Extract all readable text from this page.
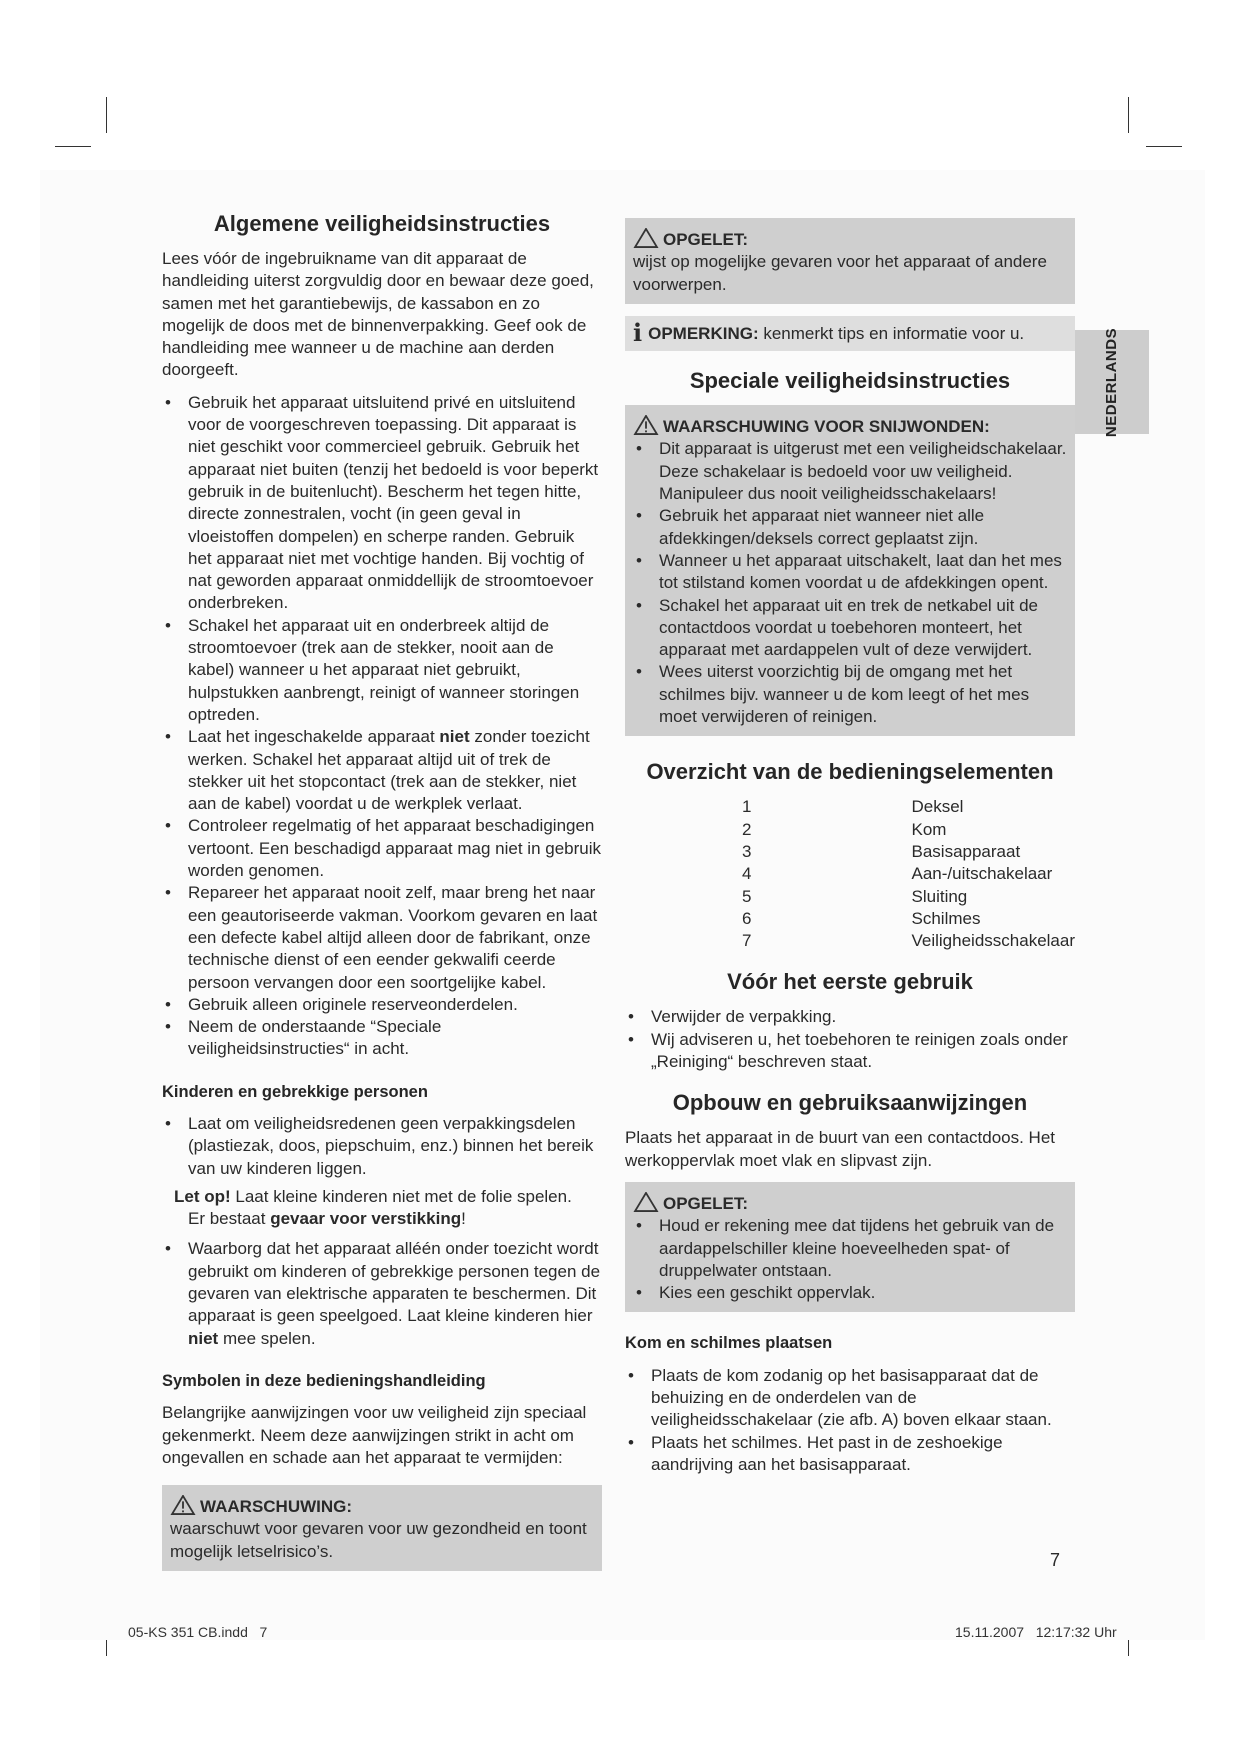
Algemene veiligheidsinstructies

Lees vóór de ingebruikname van dit apparaat de handleiding uiterst zorgvuldig door en bewaar deze goed, samen met het garantiebewijs, de kassabon en zo mogelijk de doos met de binnenverpakking. Geef ook de handleiding mee wanneer u de machine aan derden doorgeeft.

• Gebruik het apparaat uitsluitend privé en uitsluitend voor de voorgeschreven toepassing. Dit apparaat is niet geschikt voor commercieel gebruik. Gebruik het apparaat niet buiten (tenzij het bedoeld is voor beperkt gebruik in de buitenlucht). Bescherm het tegen hitte, directe zonnestralen, vocht (in geen geval in vloeistoffen dompelen) en scherpe randen. Gebruik het apparaat niet met vochtige handen. Bij vochtig of nat geworden apparaat onmiddellijk de stroomtoevoer onderbreken.
• Schakel het apparaat uit en onderbreek altijd de stroomtoevoer (trek aan de stekker, nooit aan de kabel) wanneer u het apparaat niet gebruikt, hulpstukken aanbrengt, reinigt of wanneer storingen optreden.
• Laat het ingeschakelde apparaat niet zonder toezicht werken. Schakel het apparaat altijd uit of trek de stekker uit het stopcontact (trek aan de stekker, niet aan de kabel) voordat u de werkplek verlaat.
• Controleer regelmatig of het apparaat beschadigingen vertoont. Een beschadigd apparaat mag niet in gebruik worden genomen.
• Repareer het apparaat nooit zelf, maar breng het naar een geautoriseerde vakman. Voorkom gevaren en laat een defecte kabel altijd alleen door de fabrikant, onze technische dienst of een eender gekwalifi ceerde persoon vervangen door een soortgelijke kabel.
• Gebruik alleen originele reserveonderdelen.
• Neem de onderstaande “Speciale veiligheidsinstructies“ in acht.
Kinderen en gebrekkige personen
• Laat om veiligheidsredenen geen verpakkingsdelen (plastiezak, doos, piepschuim, enz.) binnen het bereik van uw kinderen liggen.

Let op! Laat kleine kinderen niet met de folie spelen.
Er bestaat gevaar voor verstikking!

• Waarborg dat het apparaat alléén onder toezicht wordt gebruikt om kinderen of gebrekkige personen tegen de gevaren van elektrische apparaten te beschermen. Dit apparaat is geen speelgoed. Laat kleine kinderen hier niet mee spelen.
Symbolen in deze bedieningshandleiding

Belangrijke aanwijzingen voor uw veiligheid zijn speciaal gekenmerkt. Neem deze aanwijzingen strikt in acht om ongevallen en schade aan het apparaat te vermijden:

WAARSCHUWING:
waarschuwt voor gevaren voor uw gezondheid en toont mogelijk letselrisico’s.
OPGELET:
wijst op mogelijke gevaren voor het apparaat of andere voorwerpen.
i OPMERKING: kenmerkt tips en informatie voor u.
Speciale veiligheidsinstructies
WAARSCHUWING VOOR SNIJWONDEN:
• Dit apparaat is uitgerust met een veiligheidschakelaar. Deze schakelaar is bedoeld voor uw veiligheid. Manipuleer dus nooit veiligheidsschakelaars!
• Gebruik het apparaat niet wanneer niet alle afdekkingen/deksels correct geplaatst zijn.
• Wanneer u het apparaat uitschakelt, laat dan het mes tot stilstand komen voordat u de afdekkingen opent.
• Schakel het apparaat uit en trek de netkabel uit de contactdoos voordat u toebehoren monteert, het apparaat met aardappelen vult of deze verwijdert.
• Wees uiterst voorzichtig bij de omgang met het schilmes bijv. wanneer u de kom leegt of het mes moet verwijderen of reinigen.
Overzicht van de bedieningselementen
1	Deksel
2	Kom
3	Basisapparaat
4	Aan-/uitschakelaar
5	Sluiting
6	Schilmes
7	Veiligheidsschakelaar
Vóór het eerste gebruik
• Verwijder de verpakking.
• Wij adviseren u, het toebehoren te reinigen zoals onder „Reiniging“ beschreven staat.
Opbouw en gebruiksaanwijzingen

Plaats het apparaat in de buurt van een contactdoos. Het werkoppervlak moet vlak en slipvast zijn.

OPGELET:
• Houd er rekening mee dat tijdens het gebruik van de aardappelschiller kleine hoeveelheden spat- of druppelwater ontstaan.
• Kies een geschikt oppervlak.
Kom en schilmes plaatsen
• Plaats de kom zodanig op het basisapparaat dat de behuizing en de onderdelen van de veiligheidsschakelaar (zie afb. A) boven elkaar staan.
• Plaats het schilmes. Het past in de zeshoekige aandrijving aan het basisapparaat.
NEDERLANDS
7
05-KS 351 CB.indd   7	15.11.2007   12:17:32 Uhr
